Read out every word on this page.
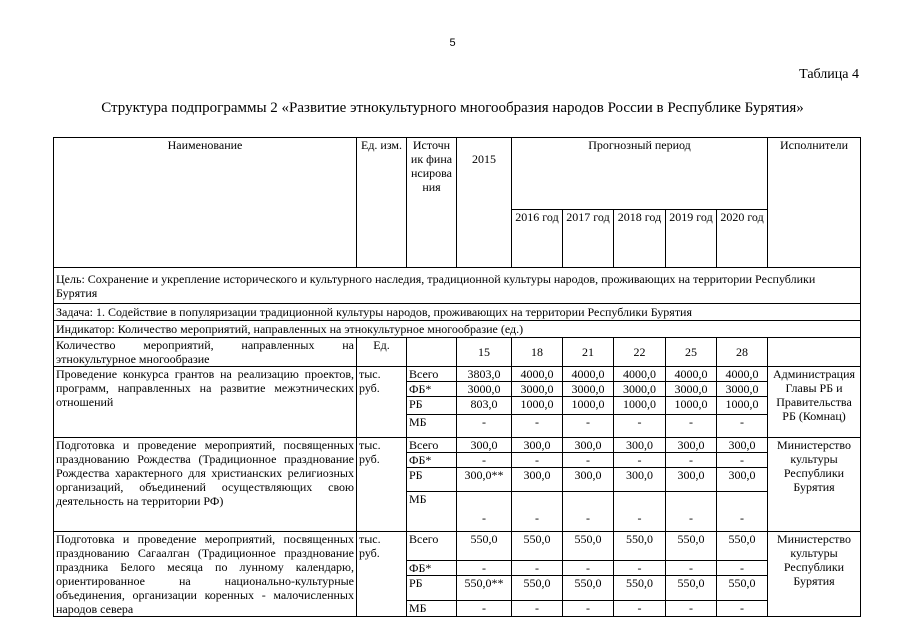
5
Таблица 4
Структура подпрограммы 2 «Развитие этнокультурного многообразия народов России в Республике Бурятия»
Наименование	Ед. изм.	Источник финансирования	2015	Прогнозный период					Исполнители
				2016 год	2017 год	2018 год	2019 год	2020 год	
Цель: Сохранение и укрепление исторического и культурного наследия, традиционной культуры народов, проживающих на территории Республики Бурятия									
Задача: 1. Содействие в популяризации традиционной культуры народов, проживающих на территории Республики Бурятия									
Индикатор: Количество мероприятий, направленных на этнокультурное многообразие (ед.)									
Количество мероприятий, направленных на этнокультурное многообразие	Ед.		15	18	21	22	25	28	
Проведение конкурса грантов на реализацию проектов, программ, направленных на развитие межэтнических отношений	тыс. руб.	Всего	3803,0	4000,0	4000,0	4000,0	4000,0	4000,0	Администрация Главы РБ и Правительства РБ (Комнац)
		ФБ*	3000,0	3000,0	3000,0	3000,0	3000,0	3000,0	
		РБ	803,0	1000,0	1000,0	1000,0	1000,0	1000,0	
		МБ	-	-	-	-	-	-	
Подготовка и проведение мероприятий, посвященных празднованию Рождества (Традиционное празднование Рождества характерного для христианских религиозных организаций, объединений осуществляющих свою деятельность на территории РФ)	тыс. руб.	Всего	300,0	300,0	300,0	300,0	300,0	300,0	Министерство культуры Республики Бурятия
		ФБ*	-	-	-	-	-	-	
		РБ	300,0**	300,0	300,0	300,0	300,0	300,0	
		МБ	-	-	-	-	-	-	
Подготовка и проведение мероприятий, посвященных празднованию Сагаалган (Традиционное празднование праздника Белого месяца по лунному календарю, ориентированное на национально-культурные объединения, организации коренных - малочисленных народов севера	тыс. руб.	Всего	550,0	550,0	550,0	550,0	550,0	550,0	Министерство культуры Республики Бурятия
		ФБ*	-	-	-	-	-	-	
		РБ	550,0**	550,0	550,0	550,0	550,0	550,0	
		МБ	-	-	-	-	-	-	
